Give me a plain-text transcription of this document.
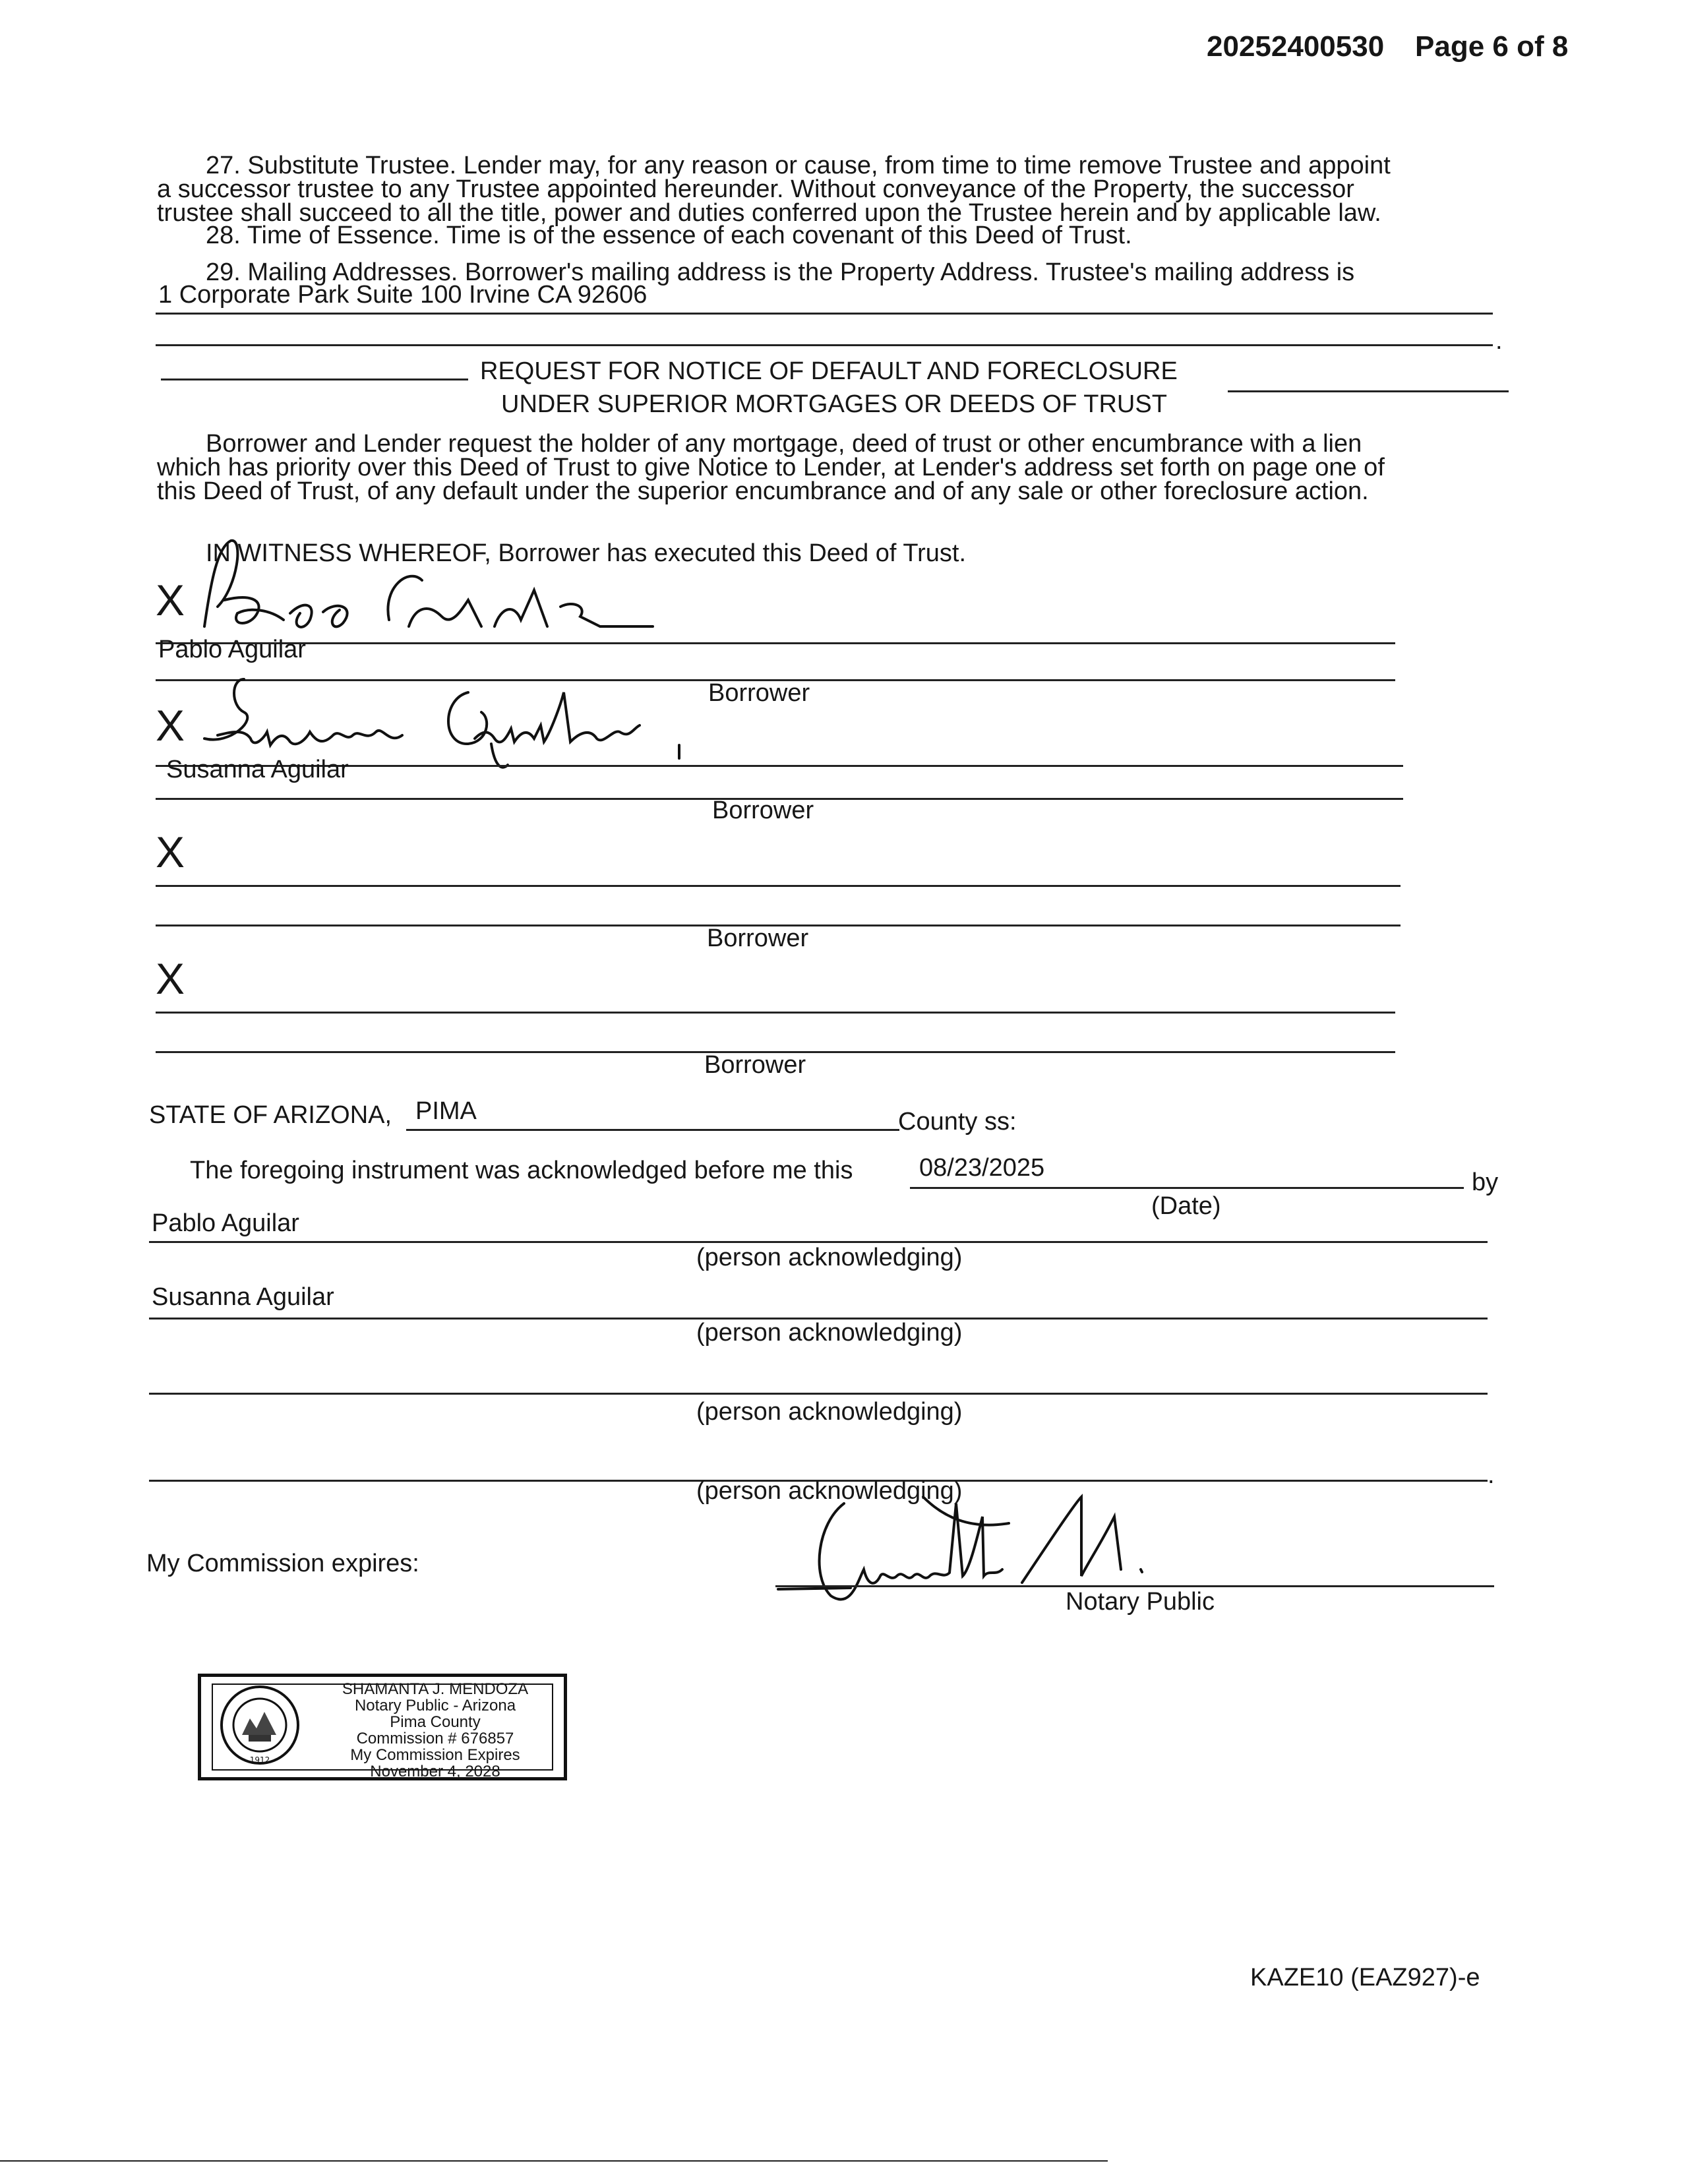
20252400530 Page 6 of 8
27. Substitute Trustee. Lender may, for any reason or cause, from time to time remove Trustee and appoint
a successor trustee to any Trustee appointed hereunder. Without conveyance of the Property, the successor
trustee shall succeed to all the title, power and duties conferred upon the Trustee herein and by applicable law.
28. Time of Essence. Time is of the essence of each covenant of this Deed of Trust.
29. Mailing Addresses. Borrower's mailing address is the Property Address. Trustee's mailing address is
1 Corporate Park Suite 100 Irvine CA 92606
.
REQUEST FOR NOTICE OF DEFAULT AND FORECLOSURE
UNDER SUPERIOR MORTGAGES OR DEEDS OF TRUST
Borrower and Lender request the holder of any mortgage, deed of trust or other encumbrance with a lien
which has priority over this Deed of Trust to give Notice to Lender, at Lender's address set forth on page one of
this Deed of Trust, of any default under the superior encumbrance and of any sale or other foreclosure action.
IN WITNESS WHEREOF, Borrower has executed this Deed of Trust.
X
Pablo Aguilar
Borrower
X
Susanna Aguilar
Borrower
X
Borrower
X
Borrower
STATE OF ARIZONA, PIMA	County ss:
The foregoing instrument was acknowledged before me this	08/23/2025
by
(Date)
Pablo Aguilar
(person acknowledging)
Susanna Aguilar
(person acknowledging)
(person acknowledging)
.
(person acknowledging)
My Commission expires:
Notary Public
1912
SHAMANTA J. MENDOZA
Notary Public - Arizona
Pima County
Commission # 676857
My Commission Expires
November 4, 2028
KAZE10 (EAZ927)-e
